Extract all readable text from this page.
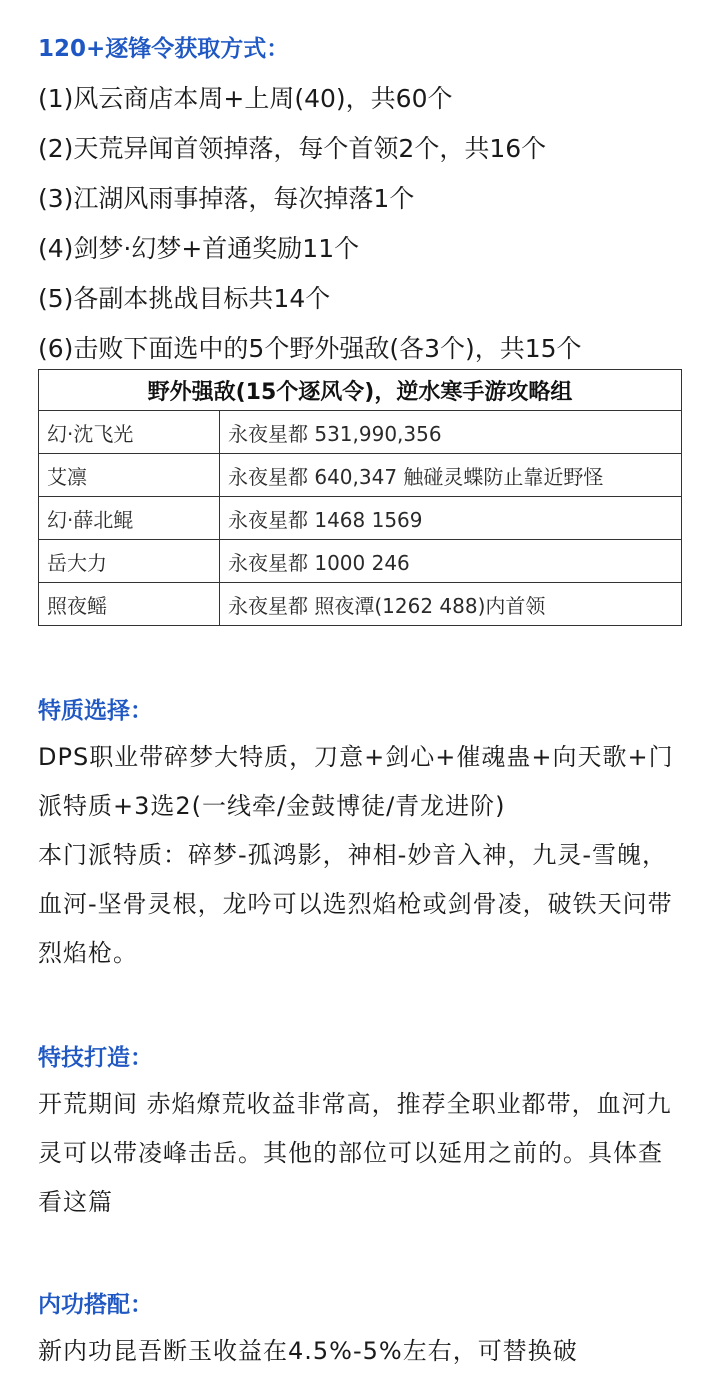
120+逐锋令获取方式：
(1)风云商店本周+上周(40)，共60个
(2)天荒异闻首领掉落，每个首领2个，共16个
(3)江湖风雨事掉落，每次掉落1个
(4)剑梦·幻梦+首通奖励11个
(5)各副本挑战目标共14个
(6)击败下面选中的5个野外强敌(各3个)，共15个
野外强敌(15个逐风令)，逆水寒手游攻略组	
幻·沈飞光	永夜星都 531,990,356
艾凛	永夜星都 640,347 触碰灵蝶防止靠近野怪
幻·薛北鲲	永夜星都 1468 1569
岳大力	永夜星都 1000 246
照夜鳐	永夜星都 照夜潭(1262 488)内首领
特质选择：
DPS职业带碎梦大特质，刀意+剑心+催魂蛊+向天歌+门派特质+3选2(一线牵/金鼓博徒/青龙进阶)
本门派特质：碎梦-孤鸿影，神相-妙音入神，九灵-雪魄，血河-坚骨灵根，龙吟可以选烈焰枪或剑骨凌，破铁天问带烈焰枪。
特技打造：
开荒期间 赤焰燎荒收益非常高，推荐全职业都带，血河九灵可以带凌峰击岳。其他的部位可以延用之前的。具体查看这篇
内功搭配：
新内功昆吾断玉收益在4.5%-5%左右，可替换破
